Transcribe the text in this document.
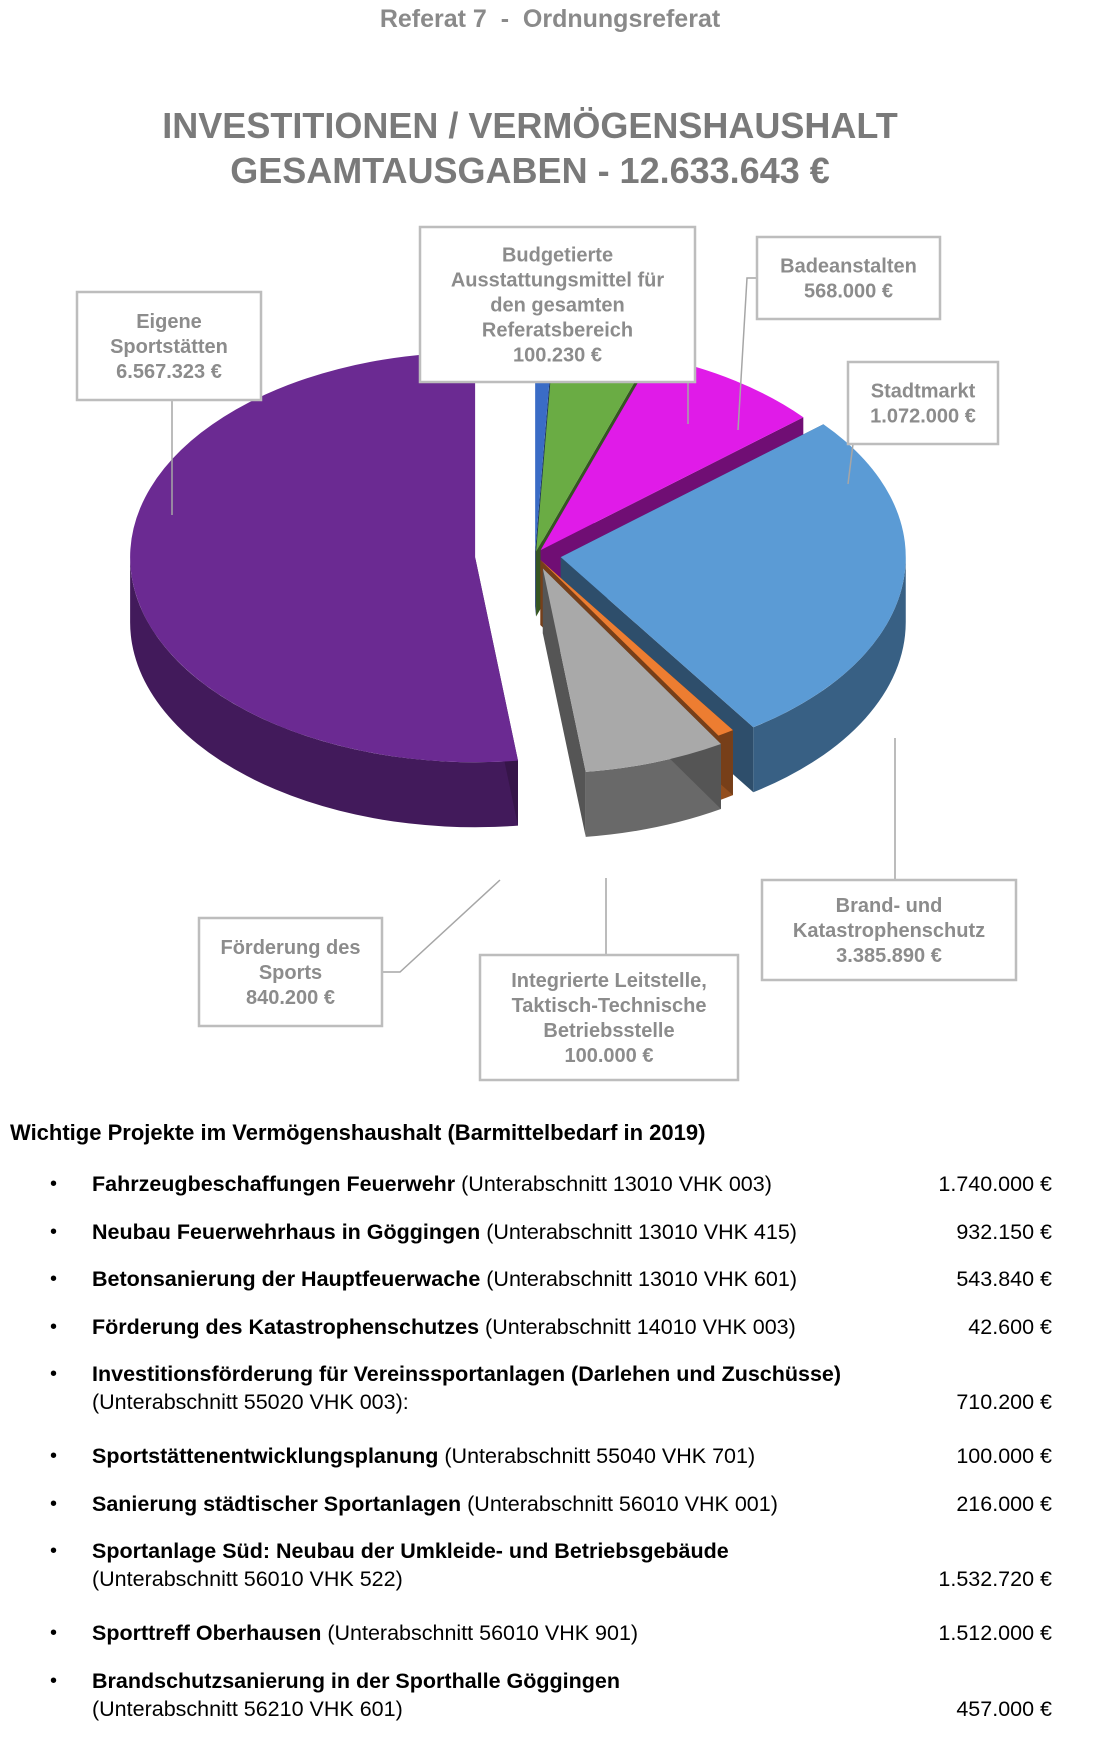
Referat 7  -  Ordnungsreferat
INVESTITIONEN / VERMÖGENSHAUSHALT
GESAMTAUSGABEN - 12.633.643 €
Budgetierte
Ausstattungsmittel für
den gesamten
Referatsbereich
100.230 €
Badeanstalten
568.000 €
Stadtmarkt
1.072.000 €
Brand- und
Katastrophenschutz
3.385.890 €
Integrierte Leitstelle,
Taktisch-Technische
Betriebsstelle
100.000 €
Förderung des
Sports
840.200 €
Eigene
Sportstätten
6.567.323 €
Wichtige Projekte im Vermögenshaushalt (Barmittelbedarf in 2019)
• Fahrzeugbeschaffungen Feuerwehr (Unterabschnitt 13010 VHK 003)	1.740.000 €
• Neubau Feuerwehrhaus in Göggingen (Unterabschnitt 13010 VHK 415)	932.150 €
• Betonsanierung der Hauptfeuerwache (Unterabschnitt 13010 VHK 601)	543.840 €
• Förderung des Katastrophenschutzes (Unterabschnitt 14010 VHK 003)	42.600 €
• Investitionsförderung für Vereinssportanlagen (Darlehen und Zuschüsse)
(Unterabschnitt 55020 VHK 003):	710.200 €
• Sportstättenentwicklungsplanung (Unterabschnitt 55040 VHK 701)	100.000 €
• Sanierung städtischer Sportanlagen (Unterabschnitt 56010 VHK 001)	216.000 €
• Sportanlage Süd: Neubau der Umkleide- und Betriebsgebäude
(Unterabschnitt 56010 VHK 522)	1.532.720 €
• Sporttreff Oberhausen (Unterabschnitt 56010 VHK 901)	1.512.000 €
• Brandschutzsanierung in der Sporthalle Göggingen
(Unterabschnitt 56210 VHK 601)	457.000 €
